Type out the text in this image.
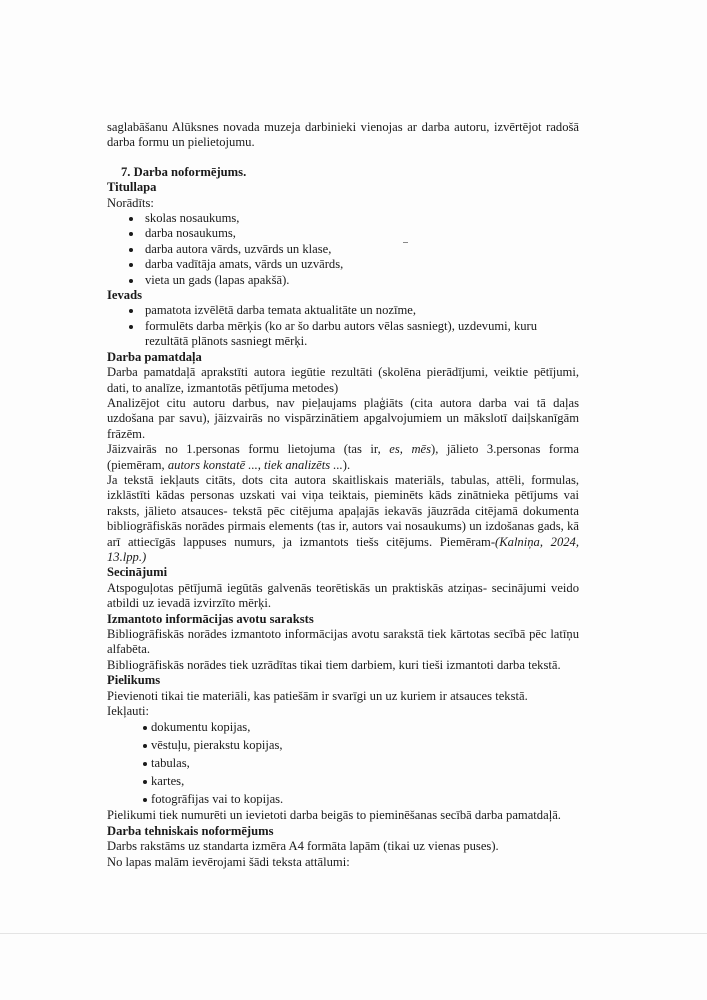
saglabāšanu Alūksnes novada muzeja darbinieki vienojas ar darba autoru, izvērtējot radošā darba formu un pielietojumu.

7. Darba noformējums.

Titullapa

Norādīts:

skolas nosaukums,
darba nosaukums,
darba autora vārds, uzvārds un klase,
darba vadītāja amats, vārds un uzvārds,
vieta un gads (lapas apakšā).

Ievads

pamatota izvēlētā darba temata aktualitāte un nozīme,
formulēts darba mērķis (ko ar šo darbu autors vēlas sasniegt), uzdevumi, kuru rezultātā plānots sasniegt mērķi.

Darba pamatdaļa

Darba pamatdaļā aprakstīti autora iegūtie rezultāti (skolēna pierādījumi, veiktie pētījumi, dati, to analīze, izmantotās pētījuma metodes)

Analizējot citu autoru darbus, nav pieļaujams plaģiāts (cita autora darba vai tā daļas uzdošana par savu), jāizvairās no vispārzinātiem apgalvojumiem un mākslotī daiļskanīgām frāzēm.

Jāizvairās no 1.personas formu lietojuma (tas ir, es, mēs), jālieto 3.personas forma (piemēram, autors konstatē ..., tiek analizēts ...).

Ja tekstā iekļauts citāts, dots cita autora skaitliskais materiāls, tabulas, attēli, formulas, izklāstīti kādas personas uzskati vai viņa teiktais, pieminēts kāds zinātnieka pētījums vai raksts, jālieto atsauces- tekstā pēc citējuma apaļajās iekavās jāuzrāda citējamā dokumenta bibliogrāfiskās norādes pirmais elements (tas ir, autors vai nosaukums) un izdošanas gads, kā arī attiecīgās lappuses numurs, ja izmantots tiešs citējums. Piemēram-(Kalniņa, 2024, 13.lpp.)

Secinājumi

Atspoguļotas pētījumā iegūtās galvenās teorētiskās un praktiskās atziņas- secinājumi veido atbildi uz ievadā izvirzīto mērķi.

Izmantoto informācijas avotu saraksts

Bibliogrāfiskās norādes izmantoto informācijas avotu sarakstā tiek kārtotas secībā pēc latīņu alfabēta.

Bibliogrāfiskās norādes tiek uzrādītas tikai tiem darbiem, kuri tieši izmantoti darba tekstā.

Pielikums

Pievienoti tikai tie materiāli, kas patiešām ir svarīgi un uz kuriem ir atsauces tekstā.

Iekļauti:

dokumentu kopijas,
vēstuļu, pierakstu kopijas,
tabulas,
kartes,
fotogrāfijas vai to kopijas.

Pielikumi tiek numurēti un ievietoti darba beigās to pieminēšanas secībā darba pamatdaļā.

Darba tehniskais noformējums

Darbs rakstāms uz standarta izmēra A4 formāta lapām (tikai uz vienas puses).

No lapas malām ievērojami šādi teksta attālumi:
